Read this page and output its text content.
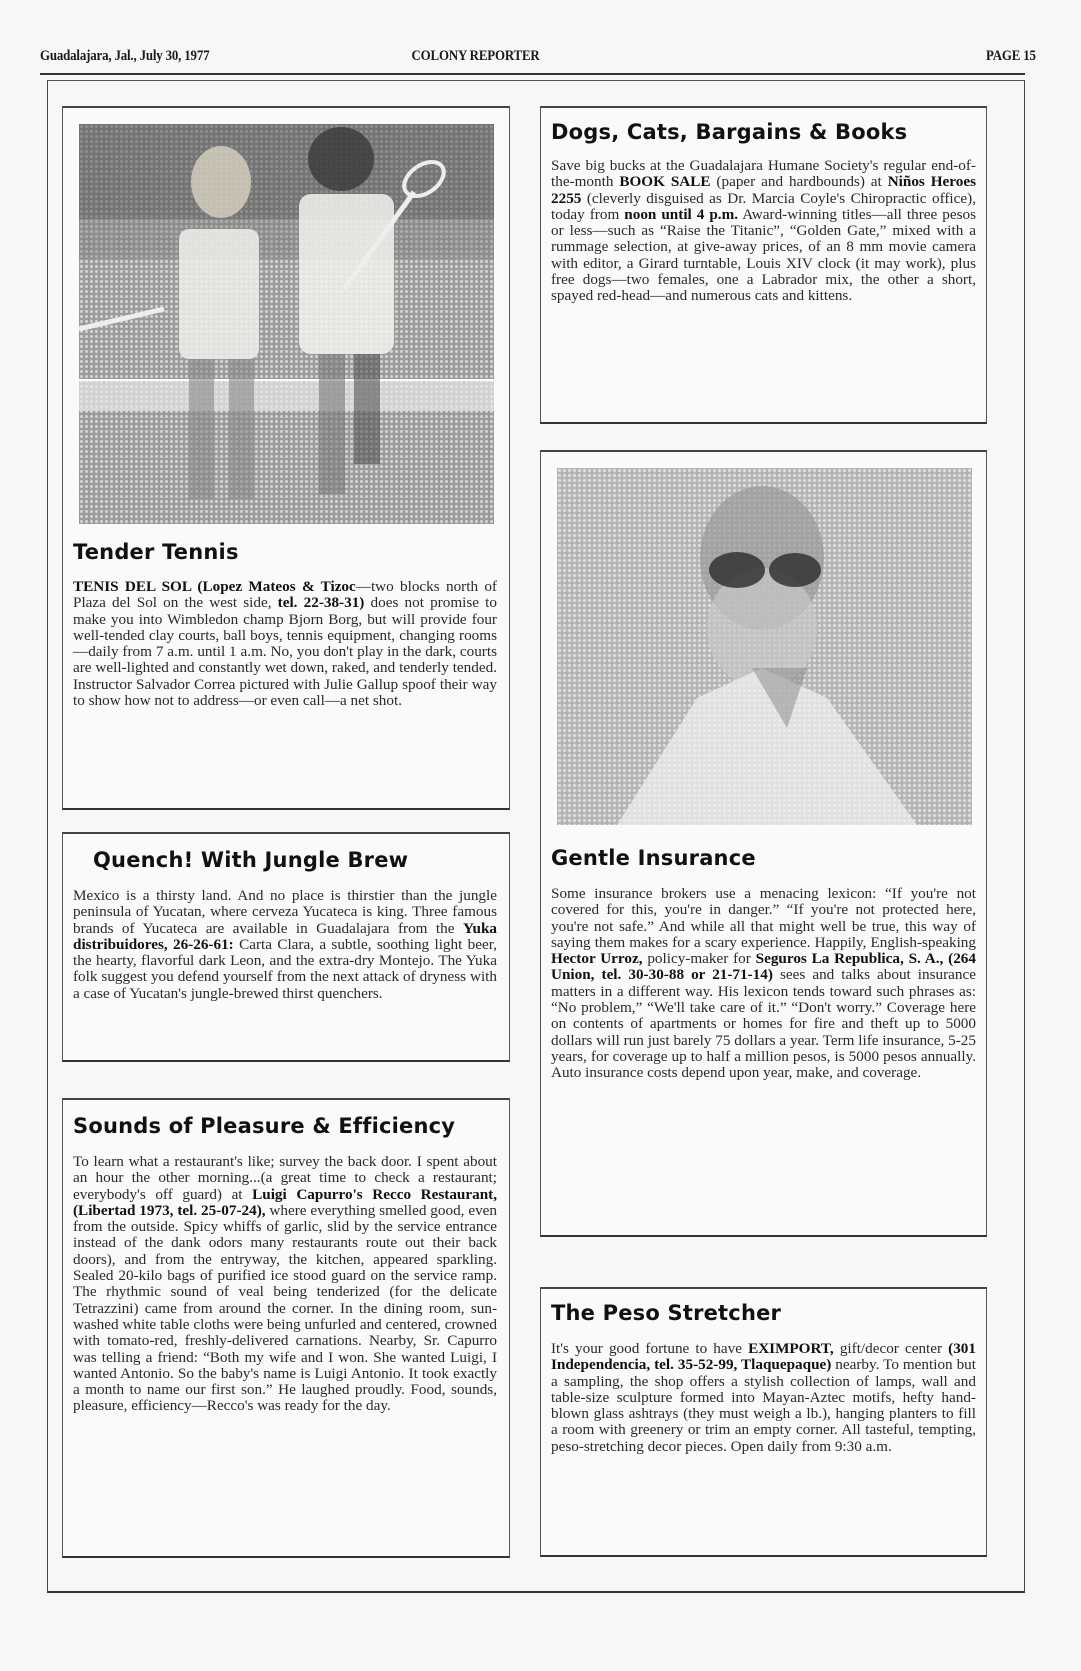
Guadalajara, Jal., July 30, 1977	COLONY REPORTER	PAGE 15
Tender Tennis

TENIS DEL SOL (Lopez Mateos & Tizoc—two blocks north of Plaza del Sol on the west side, tel. 22-38-31) does not promise to make you into Wimbledon champ Bjorn Borg, but will provide four well-tended clay courts, ball boys, tennis equipment, changing rooms—daily from 7 a.m. until 1 a.m. No, you don't play in the dark, courts are well-lighted and constantly wet down, raked, and tenderly tended. Instructor Salvador Correa pictured with Julie Gallup spoof their way to show how not to address—or even call—a net shot.

Dogs, Cats, Bargains & Books

Save big bucks at the Guadalajara Humane Society's regular end-of-the-month BOOK SALE (paper and hardbounds) at Niños Heroes 2255 (cleverly disguised as Dr. Marcia Coyle's Chiropractic office), today from noon until 4 p.m. Award-winning titles—all three pesos or less—such as “Raise the Titanic”, “Golden Gate,” mixed with a rummage selection, at give-away prices, of an 8 mm movie camera with editor, a Girard turntable, Louis XIV clock (it may work), plus free dogs—two females, one a Labrador mix, the other a short, spayed red-head—and numerous cats and kittens.

Quench! With Jungle Brew

Mexico is a thirsty land. And no place is thirstier than the jungle peninsula of Yucatan, where cerveza Yucateca is king. Three famous brands of Yucateca are available in Guadalajara from the Yuka distribuidores, 26-26-61: Carta Clara, a subtle, soothing light beer, the hearty, flavorful dark Leon, and the extra-dry Montejo. The Yuka folk suggest you defend yourself from the next attack of dryness with a case of Yucatan's jungle-brewed thirst quenchers.

Gentle Insurance

Some insurance brokers use a menacing lexicon: “If you're not covered for this, you're in danger.” “If you're not protected here, you're not safe.” And while all that might well be true, this way of saying them makes for a scary experience. Happily, English-speaking Hector Urroz, policy-maker for Seguros La Republica, S. A., (264 Union, tel. 30-30-88 or 21-71-14) sees and talks about insurance matters in a different way. His lexicon tends toward such phrases as: “No problem,” “We'll take care of it.” “Don't worry.” Coverage here on contents of apartments or homes for fire and theft up to 5000 dollars will run just barely 75 dollars a year. Term life insurance, 5-25 years, for coverage up to half a million pesos, is 5000 pesos annually. Auto insurance costs depend upon year, make, and coverage.

Sounds of Pleasure & Efficiency

To learn what a restaurant's like; survey the back door. I spent about an hour the other morning...(a great time to check a restaurant; everybody's off guard) at Luigi Capurro's Recco Restaurant, (Libertad 1973, tel. 25-07-24), where everything smelled good, even from the outside. Spicy whiffs of garlic, slid by the service entrance instead of the dank odors many restaurants route out their back doors), and from the entryway, the kitchen, appeared sparkling. Sealed 20-kilo bags of purified ice stood guard on the service ramp. The rhythmic sound of veal being tenderized (for the delicate Tetrazzini) came from around the corner. In the dining room, sun-washed white table cloths were being unfurled and centered, crowned with tomato-red, freshly-delivered carnations. Nearby, Sr. Capurro was telling a friend: “Both my wife and I won. She wanted Luigi, I wanted Antonio. So the baby's name is Luigi Antonio. It took exactly a month to name our first son.” He laughed proudly. Food, sounds, pleasure, efficiency—Recco's was ready for the day.

The Peso Stretcher

It's your good fortune to have EXIMPORT, gift/decor center (301 Independencia, tel. 35-52-99, Tlaquepaque) nearby. To mention but a sampling, the shop offers a stylish collection of lamps, wall and table-size sculpture formed into Mayan-Aztec motifs, hefty hand-blown glass ashtrays (they must weigh a lb.), hanging planters to fill a room with greenery or trim an empty corner. All tasteful, tempting, peso-stretching decor pieces. Open daily from 9:30 a.m.
